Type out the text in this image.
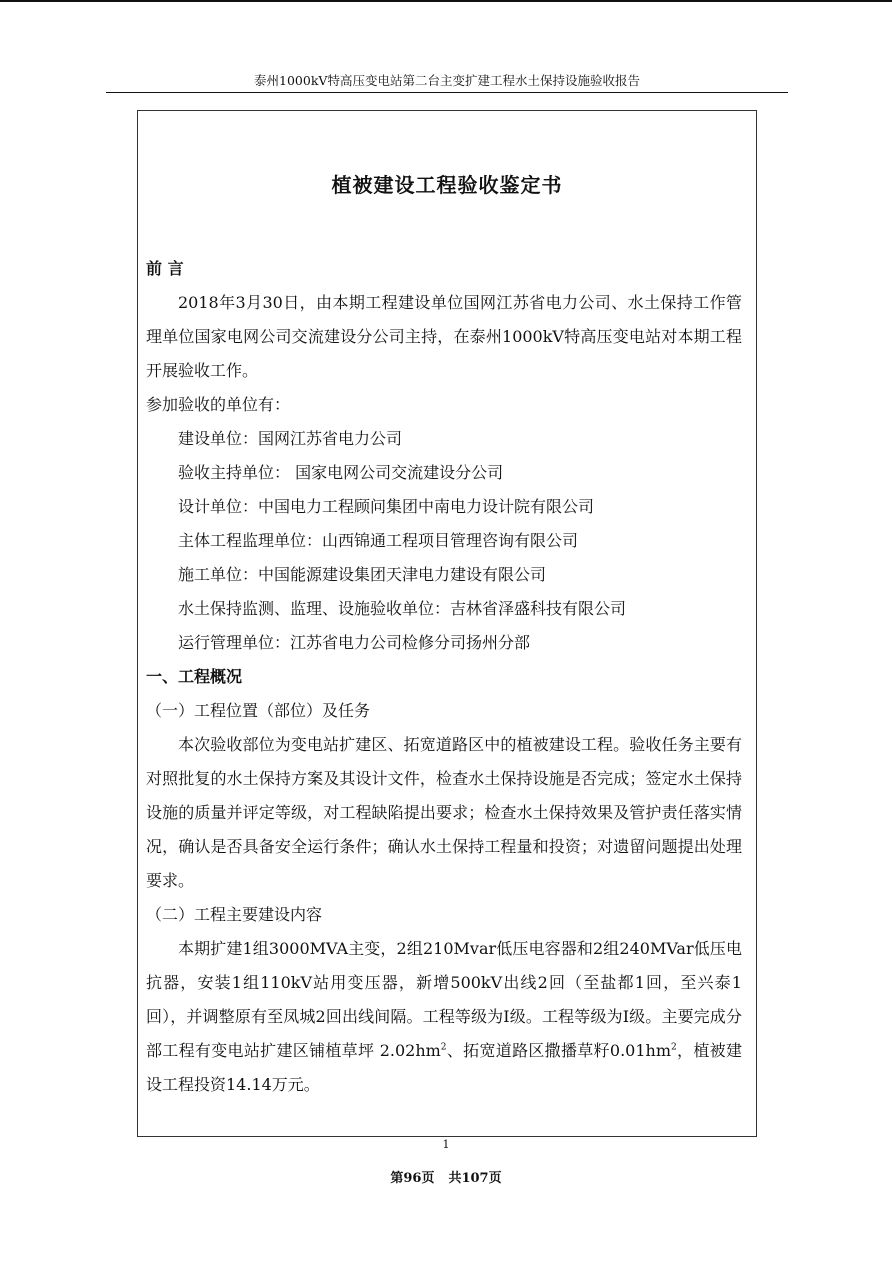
泰州1000kV特高压变电站第二台主变扩建工程水土保持设施验收报告
植被建设工程验收鉴定书

前 言

2018年3月30日，由本期工程建设单位国网江苏省电力公司、水土保持工作管理单位国家电网公司交流建设分公司主持，在泰州1000kV特高压变电站对本期工程开展验收工作。

参加验收的单位有：

建设单位：国网江苏省电力公司

验收主持单位： 国家电网公司交流建设分公司

设计单位：中国电力工程顾问集团中南电力设计院有限公司

主体工程监理单位：山西锦通工程项目管理咨询有限公司

施工单位：中国能源建设集团天津电力建设有限公司

水土保持监测、监理、设施验收单位：吉林省泽盛科技有限公司

运行管理单位：江苏省电力公司检修分司扬州分部

一、工程概况

（一）工程位置（部位）及任务

本次验收部位为变电站扩建区、拓宽道路区中的植被建设工程。验收任务主要有对照批复的水土保持方案及其设计文件，检查水土保持设施是否完成；签定水土保持设施的质量并评定等级，对工程缺陷提出要求；检查水土保持效果及管护责任落实情况，确认是否具备安全运行条件；确认水土保持工程量和投资；对遗留问题提出处理要求。

（二）工程主要建设内容

本期扩建1组3000MVA主变，2组210Mvar低压电容器和2组240MVar低压电抗器，安装1组110kV站用变压器，新增500kV出线2回（至盐都1回，至兴泰1回），并调整原有至凤城2回出线间隔。工程等级为Ⅰ级。工程等级为Ⅰ级。主要完成分部工程有变电站扩建区铺植草坪 $2.02hm^2$、拓宽道路区撒播草籽$0.01hm^2$，植被建设工程投资14.14万元。

1
第96页 共107页
